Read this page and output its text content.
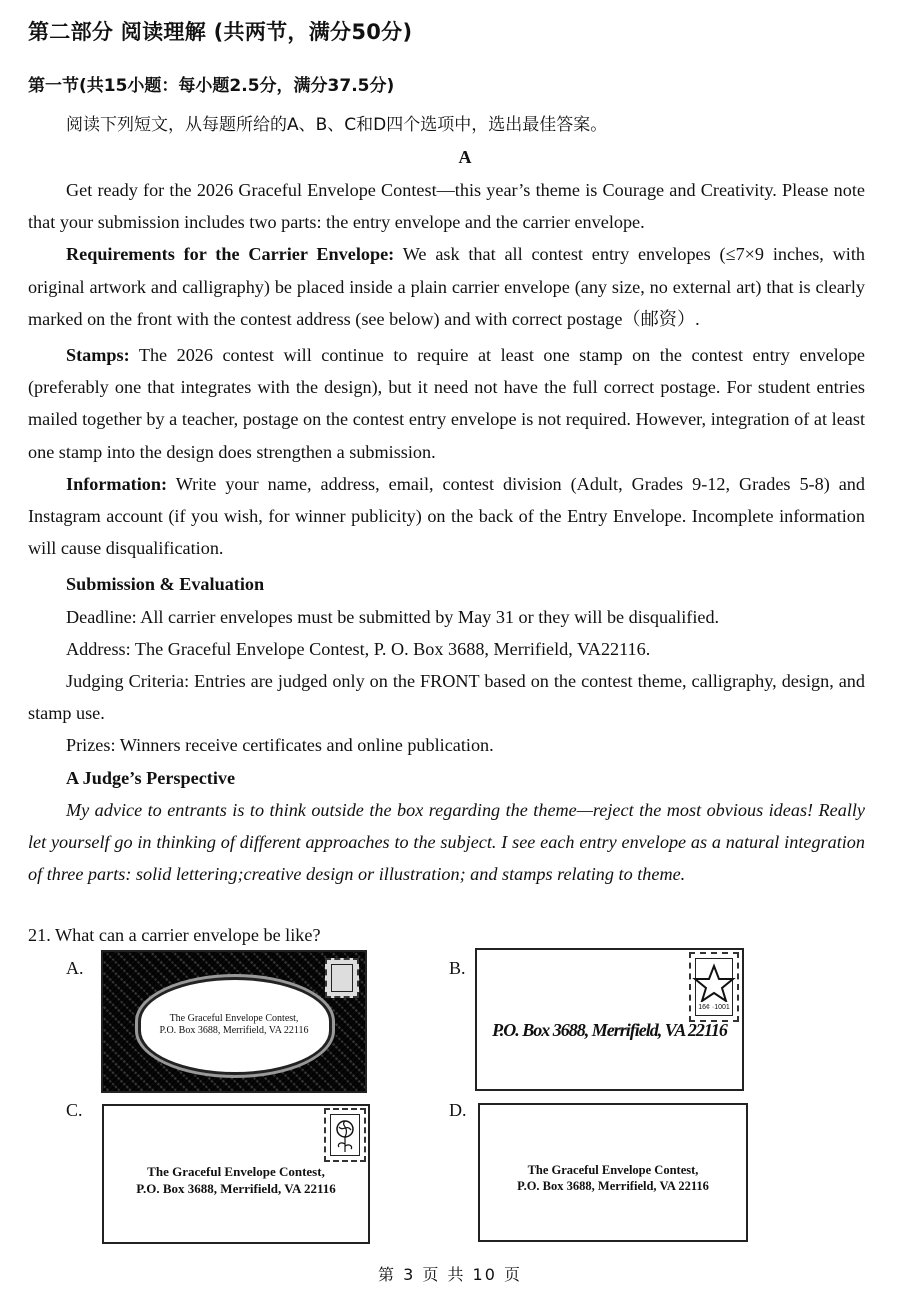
第二部分 阅读理解 (共两节，满分50分)
第一节(共15小题：每小题2.5分，满分37.5分)
阅读下列短文，从每题所给的A、B、C和D四个选项中，选出最佳答案。
A

Get ready for the 2026 Graceful Envelope Contest—this year’s theme is Courage and Creativity. Please note that your submission includes two parts: the entry envelope and the carrier envelope.

Requirements for the Carrier Envelope: We ask that all contest entry envelopes (≤7×9 inches, with original artwork and calligraphy) be placed inside a plain carrier envelope (any size, no external art) that is clearly marked on the front with the contest address (see below) and with correct postage（邮资）.

Stamps: The 2026 contest will continue to require at least one stamp on the contest entry envelope (preferably one that integrates with the design), but it need not have the full correct postage. For student entries mailed together by a teacher, postage on the contest entry envelope is not required. However, integration of at least one stamp into the design does strengthen a submission.

Information: Write your name, address, email, contest division (Adult, Grades 9-12, Grades 5-8) and Instagram account (if you wish, for winner publicity) on the back of the Entry Envelope. Incomplete information will cause disqualification.

Submission & Evaluation

Deadline: All carrier envelopes must be submitted by May 31 or they will be disqualified.

Address: The Graceful Envelope Contest, P. O. Box 3688, Merrifield, VA22116.

Judging Criteria: Entries are judged only on the FRONT based on the contest theme, calligraphy, design, and stamp use.

Prizes: Winners receive certificates and online publication.

A Judge’s Perspective

My advice to entrants is to think outside the box regarding the theme—reject the most obvious ideas! Really let yourself go in thinking of different approaches to the subject. I see each entry envelope as a natural integration of three parts: solid lettering;creative design or illustration; and stamps relating to theme.

21. What can a carrier envelope be like?
A.
The Graceful Envelope Contest,
P.O. Box 3688, Merrifield, VA 22116
B.
16¢ ·1001
P.O. Box 3688, Merrifield, VA 22116
C.
The Graceful Envelope Contest,
P.O. Box 3688, Merrifield, VA 22116
D.
The Graceful Envelope Contest,
P.O. Box 3688, Merrifield, VA 22116
第 3 页 共 10 页
